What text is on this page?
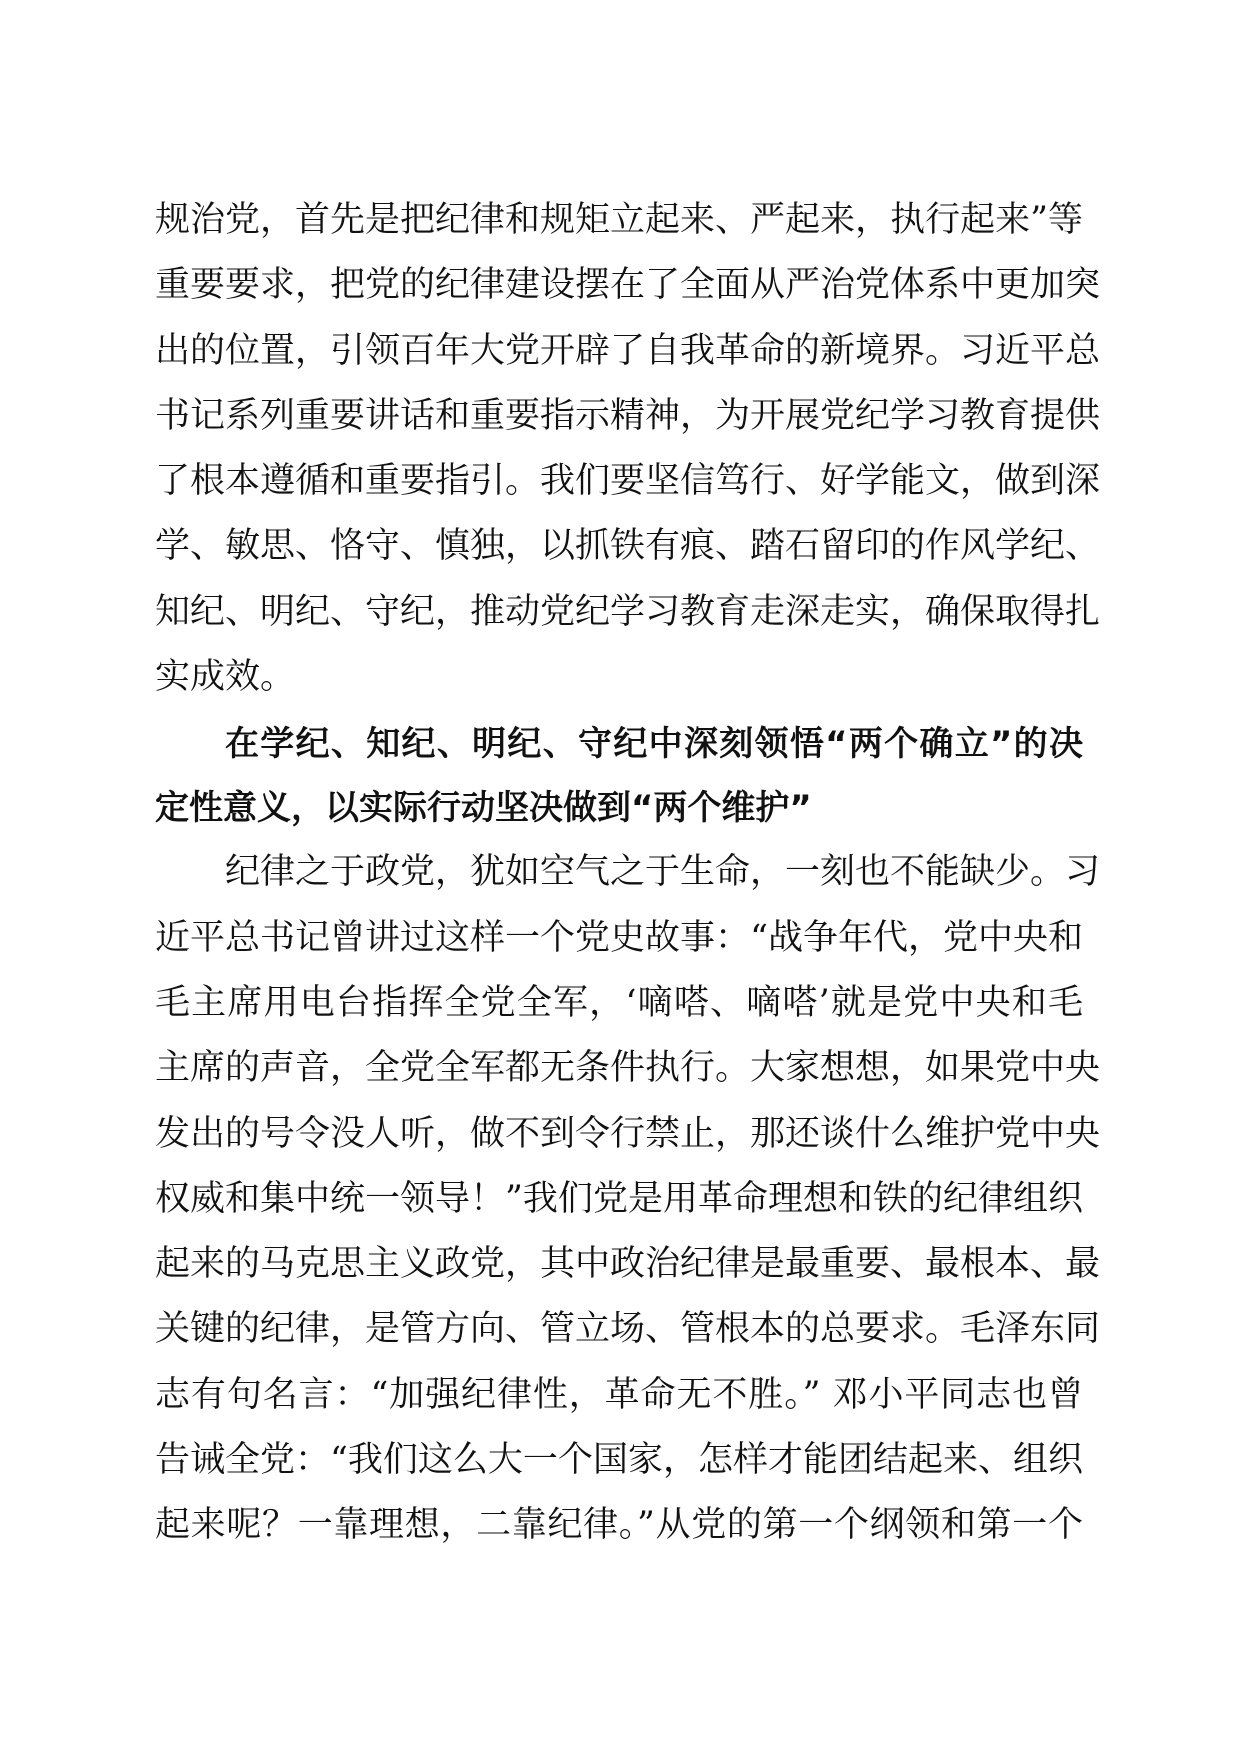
规治党，首先是把纪律和规矩立起来、严起来，执行起来”等
重要要求，把党的纪律建设摆在了全面从严治党体系中更加突
出的位置，引领百年大党开辟了自我革命的新境界。习近平总
书记系列重要讲话和重要指示精神，为开展党纪学习教育提供
了根本遵循和重要指引。我们要坚信笃行、好学能文，做到深
学、敏思、恪守、慎独，以抓铁有痕、踏石留印的作风学纪、
知纪、明纪、守纪，推动党纪学习教育走深走实，确保取得扎
实成效。
在学纪、知纪、明纪、守纪中深刻领悟“两个确立”的决
定性意义，以实际行动坚决做到“两个维护”
纪律之于政党，犹如空气之于生命，一刻也不能缺少。习
近平总书记曾讲过这样一个党史故事：“战争年代，党中央和
毛主席用电台指挥全党全军，‘嘀嗒、嘀嗒’就是党中央和毛
主席的声音，全党全军都无条件执行。大家想想，如果党中央
发出的号令没人听，做不到令行禁止，那还谈什么维护党中央
权威和集中统一领导！”我们党是用革命理想和铁的纪律组织
起来的马克思主义政党，其中政治纪律是最重要、最根本、最
关键的纪律，是管方向、管立场、管根本的总要求。毛泽东同
志有句名言：“加强纪律性，革命无不胜。” 邓小平同志也曾
告诫全党：“我们这么大一个国家，怎样才能团结起来、组织
起来呢？一靠理想，二靠纪律。”从党的第一个纲领和第一个
